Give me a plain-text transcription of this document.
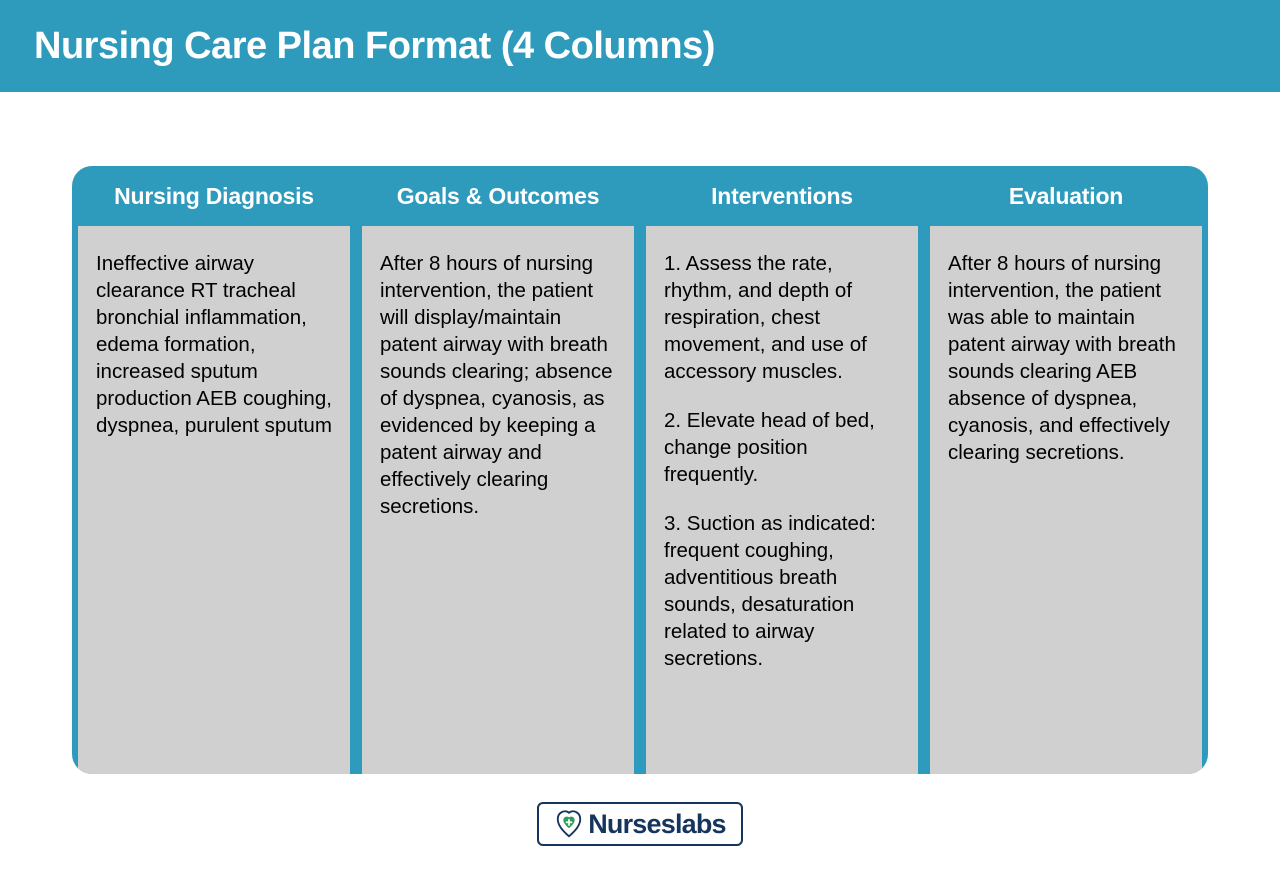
Nursing Care Plan Format (4 Columns)
Nursing Diagnosis

Ineffective airway clearance RT tracheal bronchial inflammation, edema formation, increased sputum production AEB coughing, dyspnea, purulent sputum

Goals & Outcomes

After 8 hours of nursing intervention, the patient will display/maintain patent airway with breath sounds clearing; absence of dyspnea, cyanosis, as evidenced by keeping a patent airway and effectively clearing secretions.

Interventions

1. Assess the rate, rhythm, and depth of respiration, chest movement, and use of accessory muscles.

2. Elevate head of bed, change position frequently.

3. Suction as indicated: frequent coughing, adventitious breath sounds, desaturation related to airway secretions.

Evaluation

After 8 hours of nursing intervention, the patient was able to maintain patent airway with breath sounds clearing AEB absence of dyspnea, cyanosis, and effectively clearing secretions.

Nurseslabs
